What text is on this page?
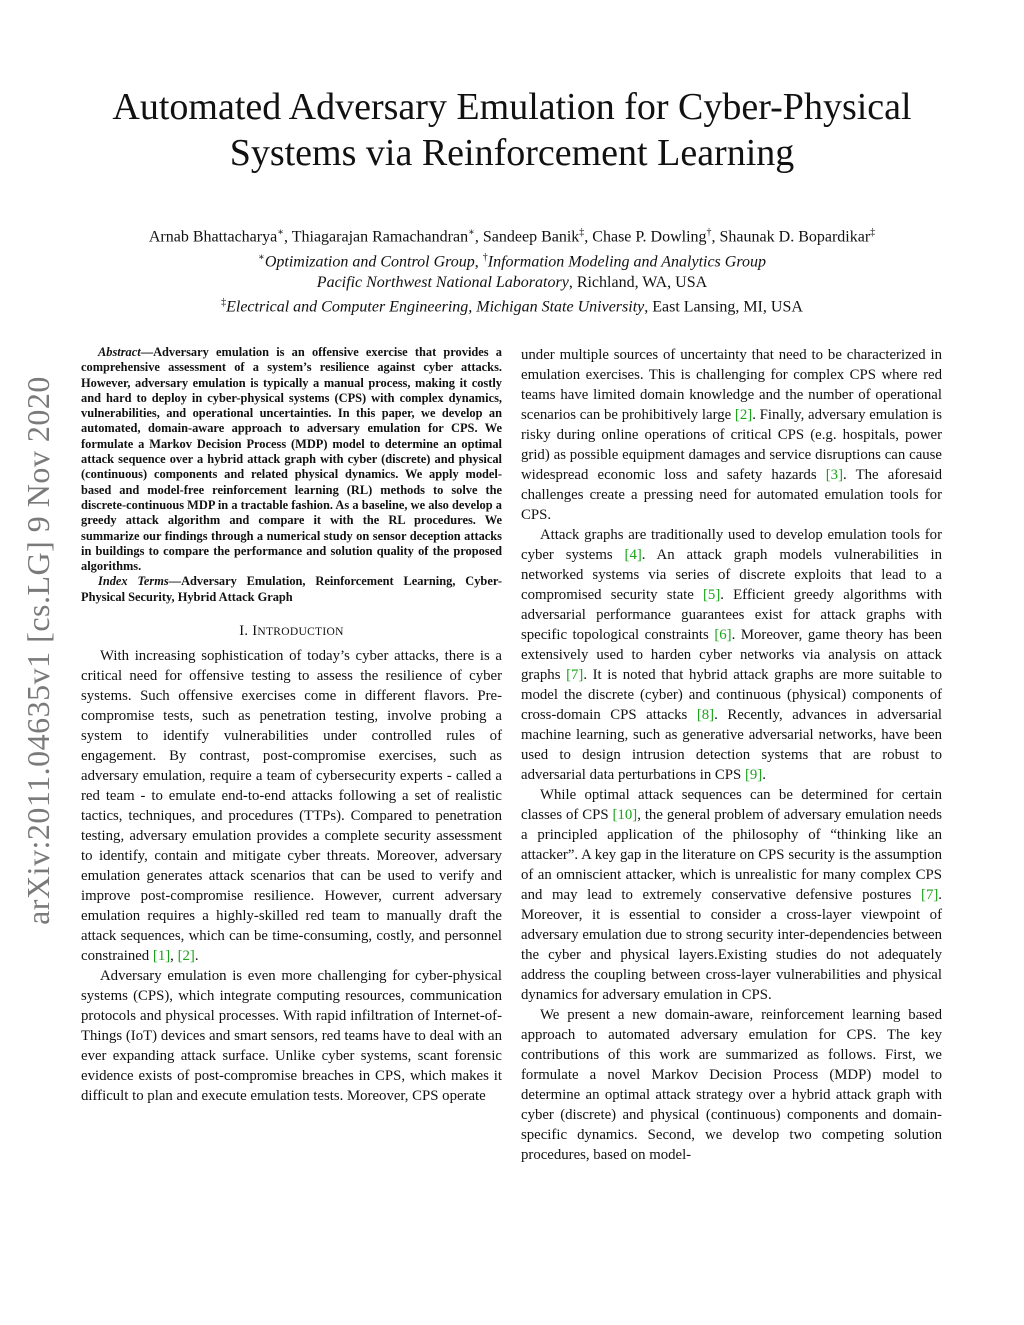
Automated Adversary Emulation for Cyber-Physical
Systems via Reinforcement Learning
Arnab Bhattacharya∗, Thiagarajan Ramachandran∗, Sandeep Banik‡, Chase P. Dowling†, Shaunak D. Bopardikar‡
∗Optimization and Control Group, †Information Modeling and Analytics Group
Pacific Northwest National Laboratory, Richland, WA, USA
‡Electrical and Computer Engineering, Michigan State University, East Lansing, MI, USA
arXiv:2011.04635v1 [cs.LG] 9 Nov 2020

Abstract—Adversary emulation is an offensive exercise that provides a comprehensive assessment of a system’s resilience against cyber attacks. However, adversary emulation is typically a manual process, making it costly and hard to deploy in cyber-physical systems (CPS) with complex dynamics, vulnerabilities, and operational uncertainties. In this paper, we develop an automated, domain-aware approach to adversary emulation for CPS. We formulate a Markov Decision Process (MDP) model to determine an optimal attack sequence over a hybrid attack graph with cyber (discrete) and physical (continuous) components and related physical dynamics. We apply model-based and model-free reinforcement learning (RL) methods to solve the discrete-continuous MDP in a tractable fashion. As a baseline, we also develop a greedy attack algorithm and compare it with the RL procedures. We summarize our findings through a numerical study on sensor deception attacks in buildings to compare the performance and solution quality of the proposed algorithms.

Index Terms—Adversary Emulation, Reinforcement Learning, Cyber-Physical Security, Hybrid Attack Graph

I. INTRODUCTION

With increasing sophistication of today’s cyber attacks, there is a critical need for offensive testing to assess the resilience of cyber systems. Such offensive exercises come in different flavors. Pre-compromise tests, such as penetration testing, involve probing a system to identify vulnerabilities under controlled rules of engagement. By contrast, post-compromise exercises, such as adversary emulation, require a team of cybersecurity experts - called a red team - to emulate end-to-end attacks following a set of realistic tactics, techniques, and procedures (TTPs). Compared to penetration testing, adversary emulation provides a complete security assessment to identify, contain and mitigate cyber threats. Moreover, adversary emulation generates attack scenarios that can be used to verify and improve post-compromise resilience. However, current adversary emulation requires a highly-skilled red team to manually draft the attack sequences, which can be time-consuming, costly, and personnel constrained [1], [2].

Adversary emulation is even more challenging for cyber-physical systems (CPS), which integrate computing resources, communication protocols and physical processes. With rapid infiltration of Internet-of-Things (IoT) devices and smart sensors, red teams have to deal with an ever expanding attack surface. Unlike cyber systems, scant forensic evidence exists of post-compromise breaches in CPS, which makes it difficult to plan and execute emulation tests. Moreover, CPS operate

under multiple sources of uncertainty that need to be characterized in emulation exercises. This is challenging for complex CPS where red teams have limited domain knowledge and the number of operational scenarios can be prohibitively large [2]. Finally, adversary emulation is risky during online operations of critical CPS (e.g. hospitals, power grid) as possible equipment damages and service disruptions can cause widespread economic loss and safety hazards [3]. The aforesaid challenges create a pressing need for automated emulation tools for CPS.

Attack graphs are traditionally used to develop emulation tools for cyber systems [4]. An attack graph models vulnerabilities in networked systems via series of discrete exploits that lead to a compromised security state [5]. Efficient greedy algorithms with adversarial performance guarantees exist for attack graphs with specific topological constraints [6]. Moreover, game theory has been extensively used to harden cyber networks via analysis on attack graphs [7]. It is noted that hybrid attack graphs are more suitable to model the discrete (cyber) and continuous (physical) components of cross-domain CPS attacks [8]. Recently, advances in adversarial machine learning, such as generative adversarial networks, have been used to design intrusion detection systems that are robust to adversarial data perturbations in CPS [9].

While optimal attack sequences can be determined for certain classes of CPS [10], the general problem of adversary emulation needs a principled application of the philosophy of “thinking like an attacker”. A key gap in the literature on CPS security is the assumption of an omniscient attacker, which is unrealistic for many complex CPS and may lead to extremely conservative defensive postures [7]. Moreover, it is essential to consider a cross-layer viewpoint of adversary emulation due to strong security inter-dependencies between the cyber and physical layers.Existing studies do not adequately address the coupling between cross-layer vulnerabilities and physical dynamics for adversary emulation in CPS.

We present a new domain-aware, reinforcement learning based approach to automated adversary emulation for CPS. The key contributions of this work are summarized as follows. First, we formulate a novel Markov Decision Process (MDP) model to determine an optimal attack strategy over a hybrid attack graph with cyber (discrete) and physical (continuous) components and domain-specific dynamics. Second, we develop two competing solution procedures, based on model-
